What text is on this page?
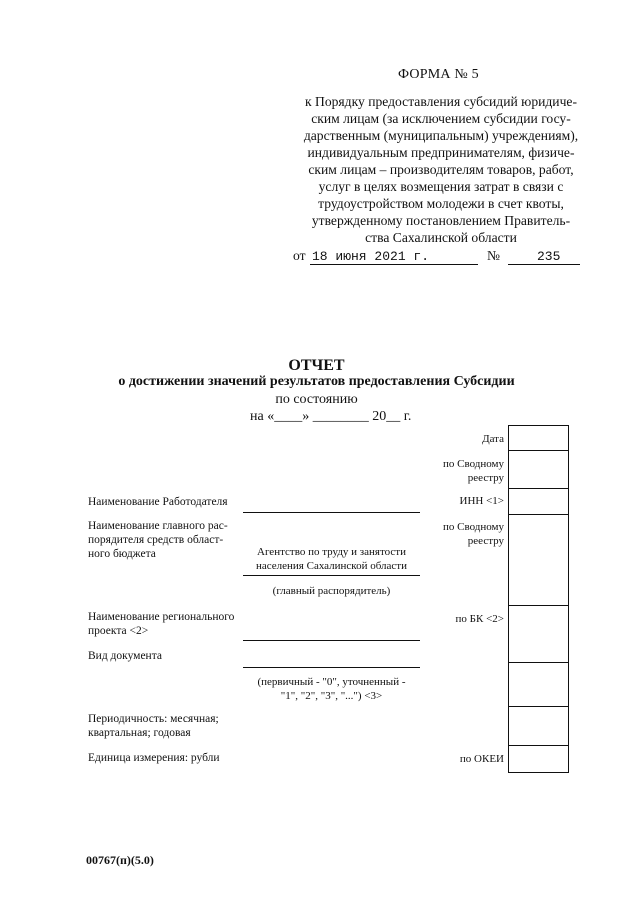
ФОРМА № 5
к Порядку предоставления субсидий юридиче-
ским лицам (за исключением субсидии госу-
дарственным (муниципальным) учреждениям),
индивидуальным предпринимателям, физиче-
ским лицам – производителям товаров, работ,
услуг в целях возмещения затрат в связи с
трудоустройством молодежи в счет квоты,
утвержденному постановлением Правитель-
ства Сахалинской области
от 18 июня 2021 г.	№	235
ОТЧЕТ
о достижении значений результатов предоставления Субсидии
по состоянию
на «____» ________ 20__ г.
Наименование Работодателя
Наименование главного рас-
порядителя средств област-
ного бюджета
Наименование регионального
проекта <2>
Вид документа
Периодичность: месячная;
квартальная; годовая
Единица измерения: рубли
Агентство по труду и занятости
населения Сахалинской области
(главный распорядитель)
(первичный - "0", уточненный -
"1", "2", "3", "...") <3>
Дата
по Сводному
реестру
ИНН <1>
по Сводному
реестру
по БК <2>
по ОКЕИ
00767(п)(5.0)
